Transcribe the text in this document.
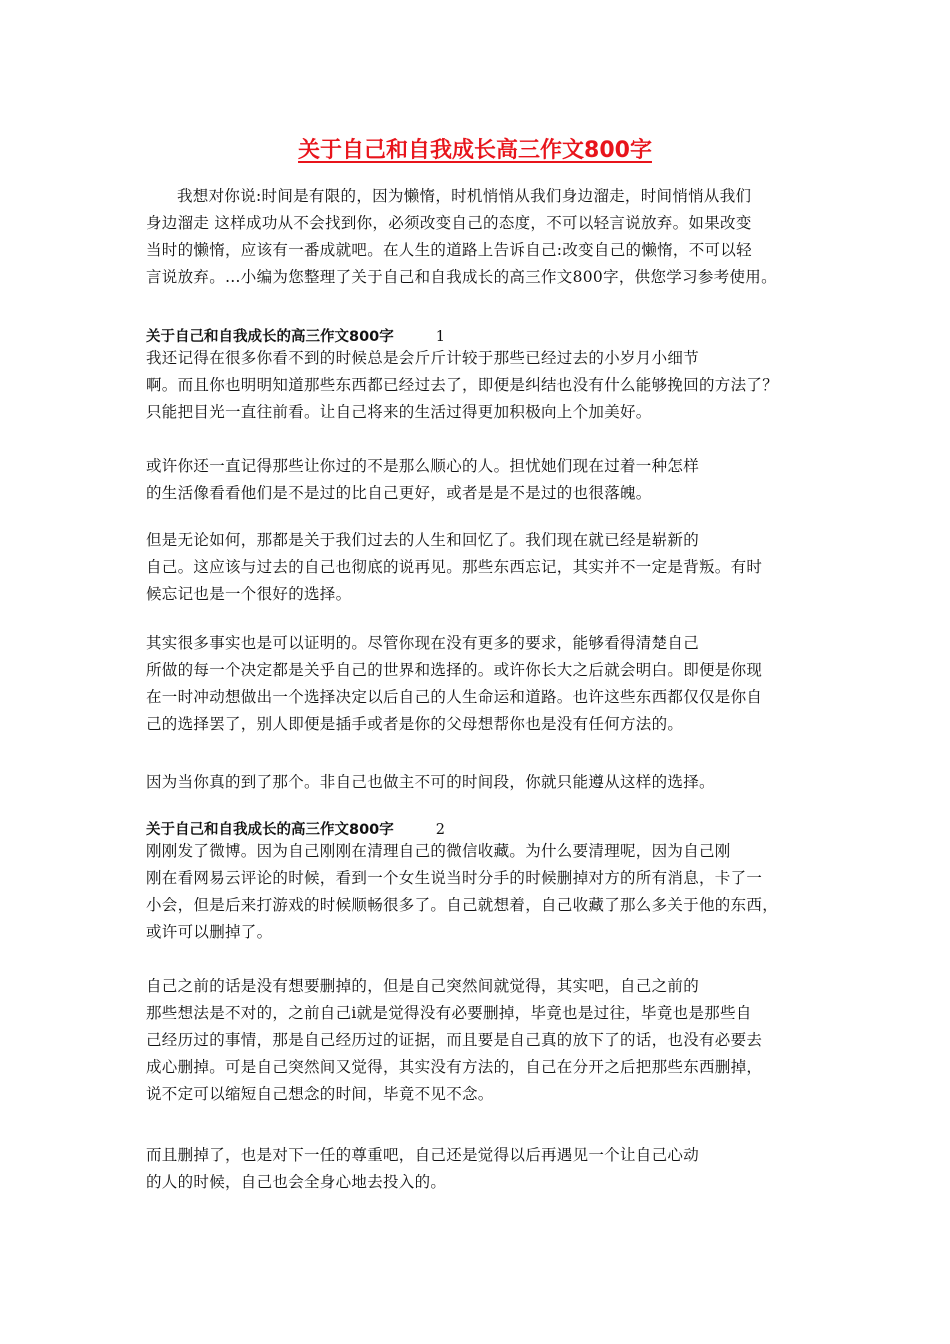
关于自己和自我成长高三作文800字

我想对你说:时间是有限的，因为懒惰，时机悄悄从我们身边溜走，时间悄悄从我们
身边溜走 这样成功从不会找到你，必须改变自己的态度，不可以轻言说放弃。如果改变
当时的懒惰，应该有一番成就吧。在人生的道路上告诉自己:改变自己的懒惰，不可以轻
言说放弃。…小编为您整理了关于自己和自我成长的高三作文800字，供您学习参考使用。

关于自己和自我成长的高三作文800字	1

我还记得在很多你看不到的时候总是会斤斤计较于那些已经过去的小岁月小细节
啊。而且你也明明知道那些东西都已经过去了，即便是纠结也没有什么能够挽回的方法了？
只能把目光一直往前看。让自己将来的生活过得更加积极向上个加美好。

或许你还一直记得那些让你过的不是那么顺心的人。担忧她们现在过着一种怎样
的生活像看看他们是不是过的比自己更好，或者是是不是过的也很落魄。

但是无论如何，那都是关于我们过去的人生和回忆了。我们现在就已经是崭新的
自己。这应该与过去的自己也彻底的说再见。那些东西忘记，其实并不一定是背叛。有时
候忘记也是一个很好的选择。

其实很多事实也是可以证明的。尽管你现在没有更多的要求，能够看得清楚自己
所做的每一个决定都是关乎自己的世界和选择的。或许你长大之后就会明白。即便是你现
在一时冲动想做出一个选择决定以后自己的人生命运和道路。也许这些东西都仅仅是你自
己的选择罢了，别人即便是插手或者是你的父母想帮你也是没有任何方法的。

因为当你真的到了那个。非自己也做主不可的时间段，你就只能遵从这样的选择。

关于自己和自我成长的高三作文800字	2

刚刚发了微博。因为自己刚刚在清理自己的微信收藏。为什么要清理呢，因为自己刚
刚在看网易云评论的时候，看到一个女生说当时分手的时候删掉对方的所有消息，卡了一
小会，但是后来打游戏的时候顺畅很多了。自己就想着，自己收藏了那么多关于他的东西，
或许可以删掉了。

自己之前的话是没有想要删掉的，但是自己突然间就觉得，其实吧，自己之前的
那些想法是不对的，之前自己i就是觉得没有必要删掉，毕竟也是过往，毕竟也是那些自
己经历过的事情，那是自己经历过的证据，而且要是自己真的放下了的话，也没有必要去
成心删掉。可是自己突然间又觉得，其实没有方法的，自己在分开之后把那些东西删掉，
说不定可以缩短自己想念的时间，毕竟不见不念。

而且删掉了，也是对下一任的尊重吧，自己还是觉得以后再遇见一个让自己心动
的人的时候，自己也会全身心地去投入的。
